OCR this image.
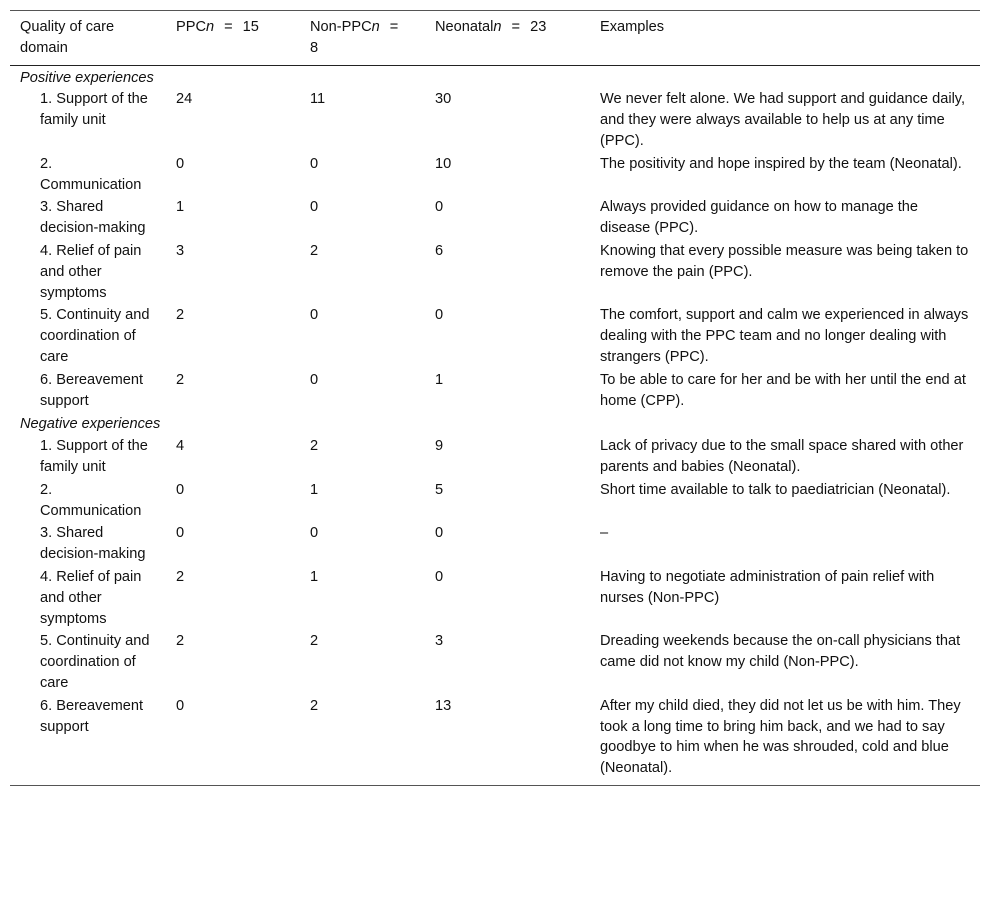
Quality of care domain	PPCn = 15	Non-PPCn =8	Neonataln = 23	Examples
Positive experiences				
1. Support of the family unit	24	11	30	We never felt alone. We had support and guidance daily, and they were always available to help us at any time (PPC).
2. Communication	0	0	10	The positivity and hope inspired by the team (Neonatal).
3. Shared decision-making	1	0	0	Always provided guidance on how to manage the disease (PPC).
4. Relief of pain and other symptoms	3	2	6	Knowing that every possible measure was being taken to remove the pain (PPC).
5. Continuity and coordination of care	2	0	0	The comfort, support and calm we experienced in always dealing with the PPC team and no longer dealing with strangers (PPC).
6. Bereavement support	2	0	1	To be able to care for her and be with her until the end at home (CPP).
Negative experiences				
1. Support of the family unit	4	2	9	Lack of privacy due to the small space shared with other parents and babies (Neonatal).
2. Communication	0	1	5	Short time available to talk to paediatrician (Neonatal).
3. Shared decision-making	0	0	0	–
4. Relief of pain and other symptoms	2	1	0	Having to negotiate administration of pain relief with nurses (Non-PPC)
5. Continuity and coordination of care	2	2	3	Dreading weekends because the on-call physicians that came did not know my child (Non-PPC).
6. Bereavement support	0	2	13	After my child died, they did not let us be with him. They took a long time to bring him back, and we had to say goodbye to him when he was shrouded, cold and blue (Neonatal).
